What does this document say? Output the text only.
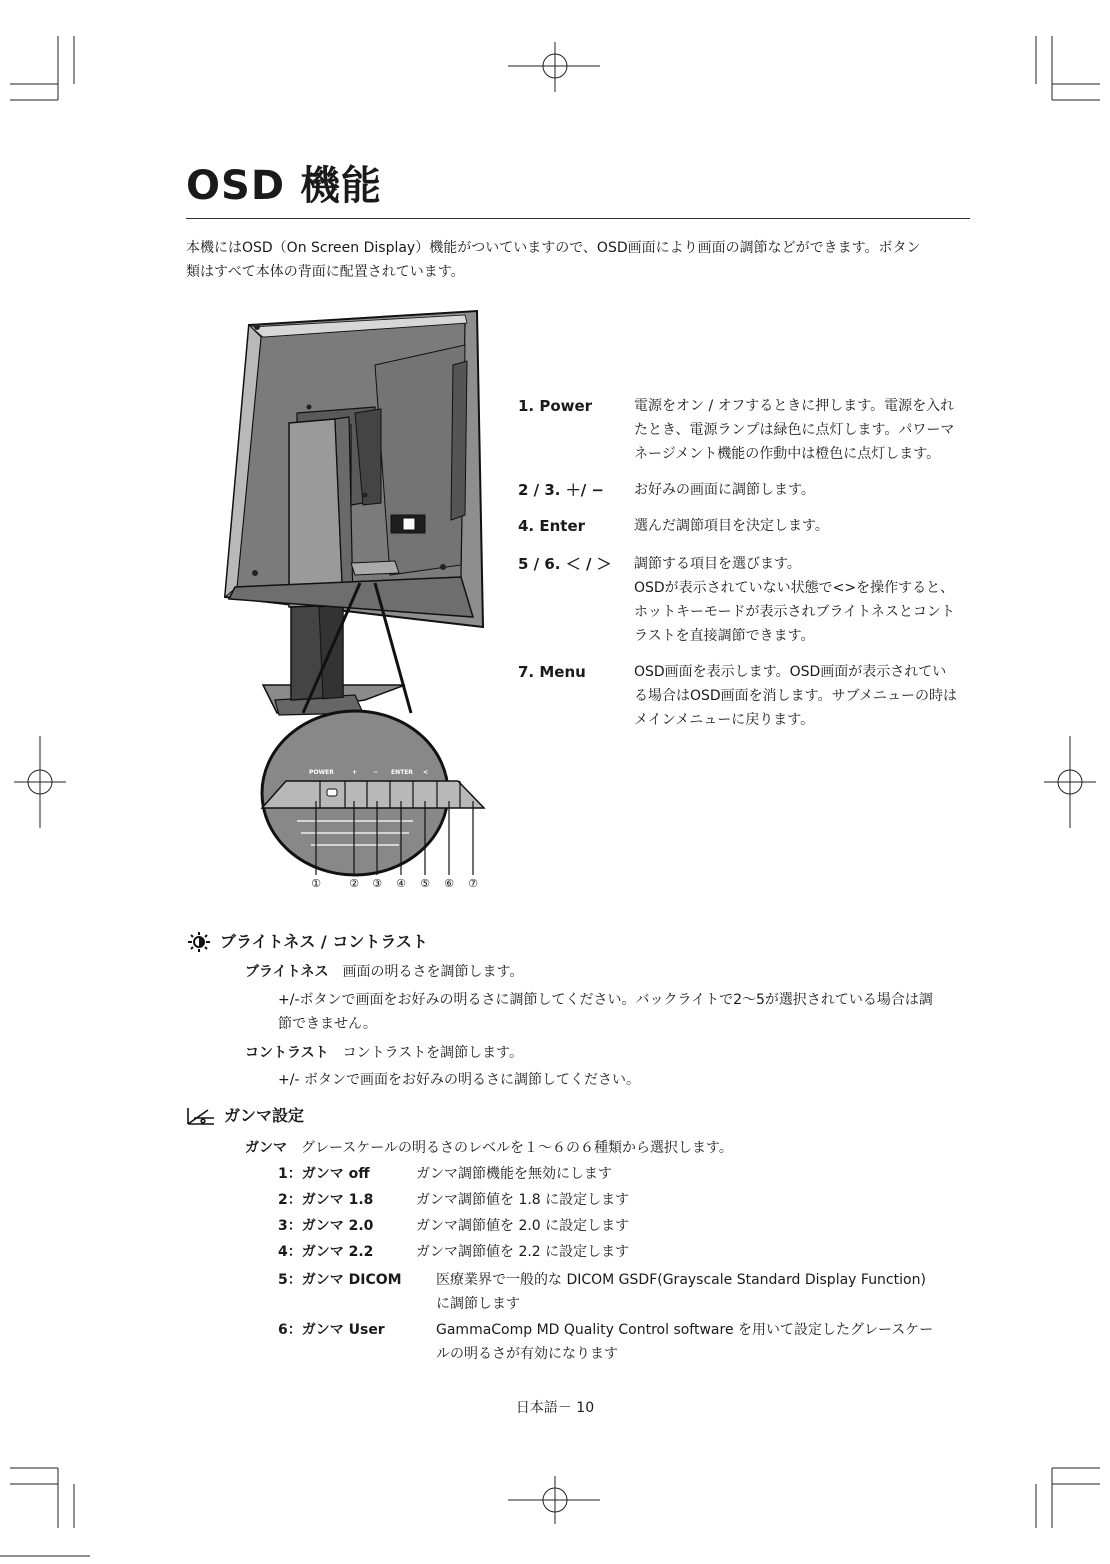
OSD 機能
本機にはOSD（On Screen Display）機能がついていますので、OSD画面により画面の調節などができます。ボタン
類はすべて本体の背面に配置されています。
POWER	+	− ENTER <	> MENU
①	② ③ ④ ⑤ ⑥ ⑦
1. Power	電源をオン / オフするときに押します。電源を入れ
たとき、電源ランプは緑色に点灯します。パワーマ
ネージメント機能の作動中は橙色に点灯します。
2 / 3. ＋/ −	お好みの画面に調節します。
4. Enter	選んだ調節項目を決定します。
5 / 6. ＜ / ＞	調節する項目を選びます。
OSDが表示されていない状態で<>を操作すると、
ホットキーモードが表示されブライトネスとコント
ラストを直接調節できます。
7. Menu	OSD画面を表示します。OSD画面が表示されてい
る場合はOSD画面を消します。サブメニューの時は
メインメニューに戻ります。
ブライトネス / コントラスト
ブライトネス 画面の明るさを調節します。
+/-ボタンで画面をお好みの明るさに調節してください。バックライトで2〜5が選択されている場合は調
節できません。
コントラスト コントラストを調節します。
+/- ボタンで画面をお好みの明るさに調節してください。
ガンマ設定
ガンマ グレースケールの明るさのレベルを１〜６の６種類から選択します。
1：ガンマ off	ガンマ調節機能を無効にします
2：ガンマ 1.8	ガンマ調節値を 1.8 に設定します
3：ガンマ 2.0	ガンマ調節値を 2.0 に設定します
4：ガンマ 2.2	ガンマ調節値を 2.2 に設定します
5：ガンマ DICOM 医療業界で一般的な DICOM GSDF(Grayscale Standard Display Function)
に調節します
6：ガンマ User	GammaComp MD Quality Control software を用いて設定したグレースケー
ルの明るさが有効になります
日本語－ 10
